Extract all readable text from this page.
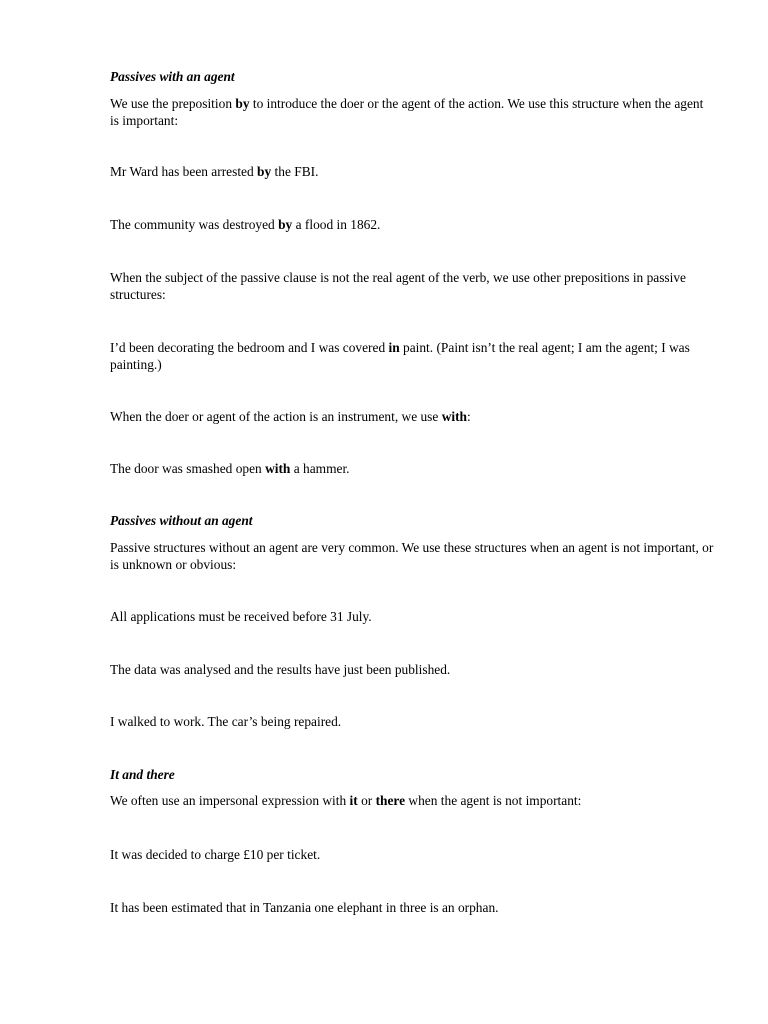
Passives with an agent

We use the preposition by to introduce the doer or the agent of the action. We use this structure when the agent is important:

Mr Ward has been arrested by the FBI.

The community was destroyed by a flood in 1862.

When the subject of the passive clause is not the real agent of the verb, we use other prepositions in passive structures:

I’d been decorating the bedroom and I was covered in paint. (Paint isn’t the real agent; I am the agent; I was painting.)

When the doer or agent of the action is an instrument, we use with:

The door was smashed open with a hammer.

Passives without an agent

Passive structures without an agent are very common. We use these structures when an agent is not important, or is unknown or obvious:

All applications must be received before 31 July.

The data was analysed and the results have just been published.

I walked to work. The car’s being repaired.

It and there

We often use an impersonal expression with it or there when the agent is not important:

It was decided to charge £10 per ticket.

It has been estimated that in Tanzania one elephant in three is an orphan.
